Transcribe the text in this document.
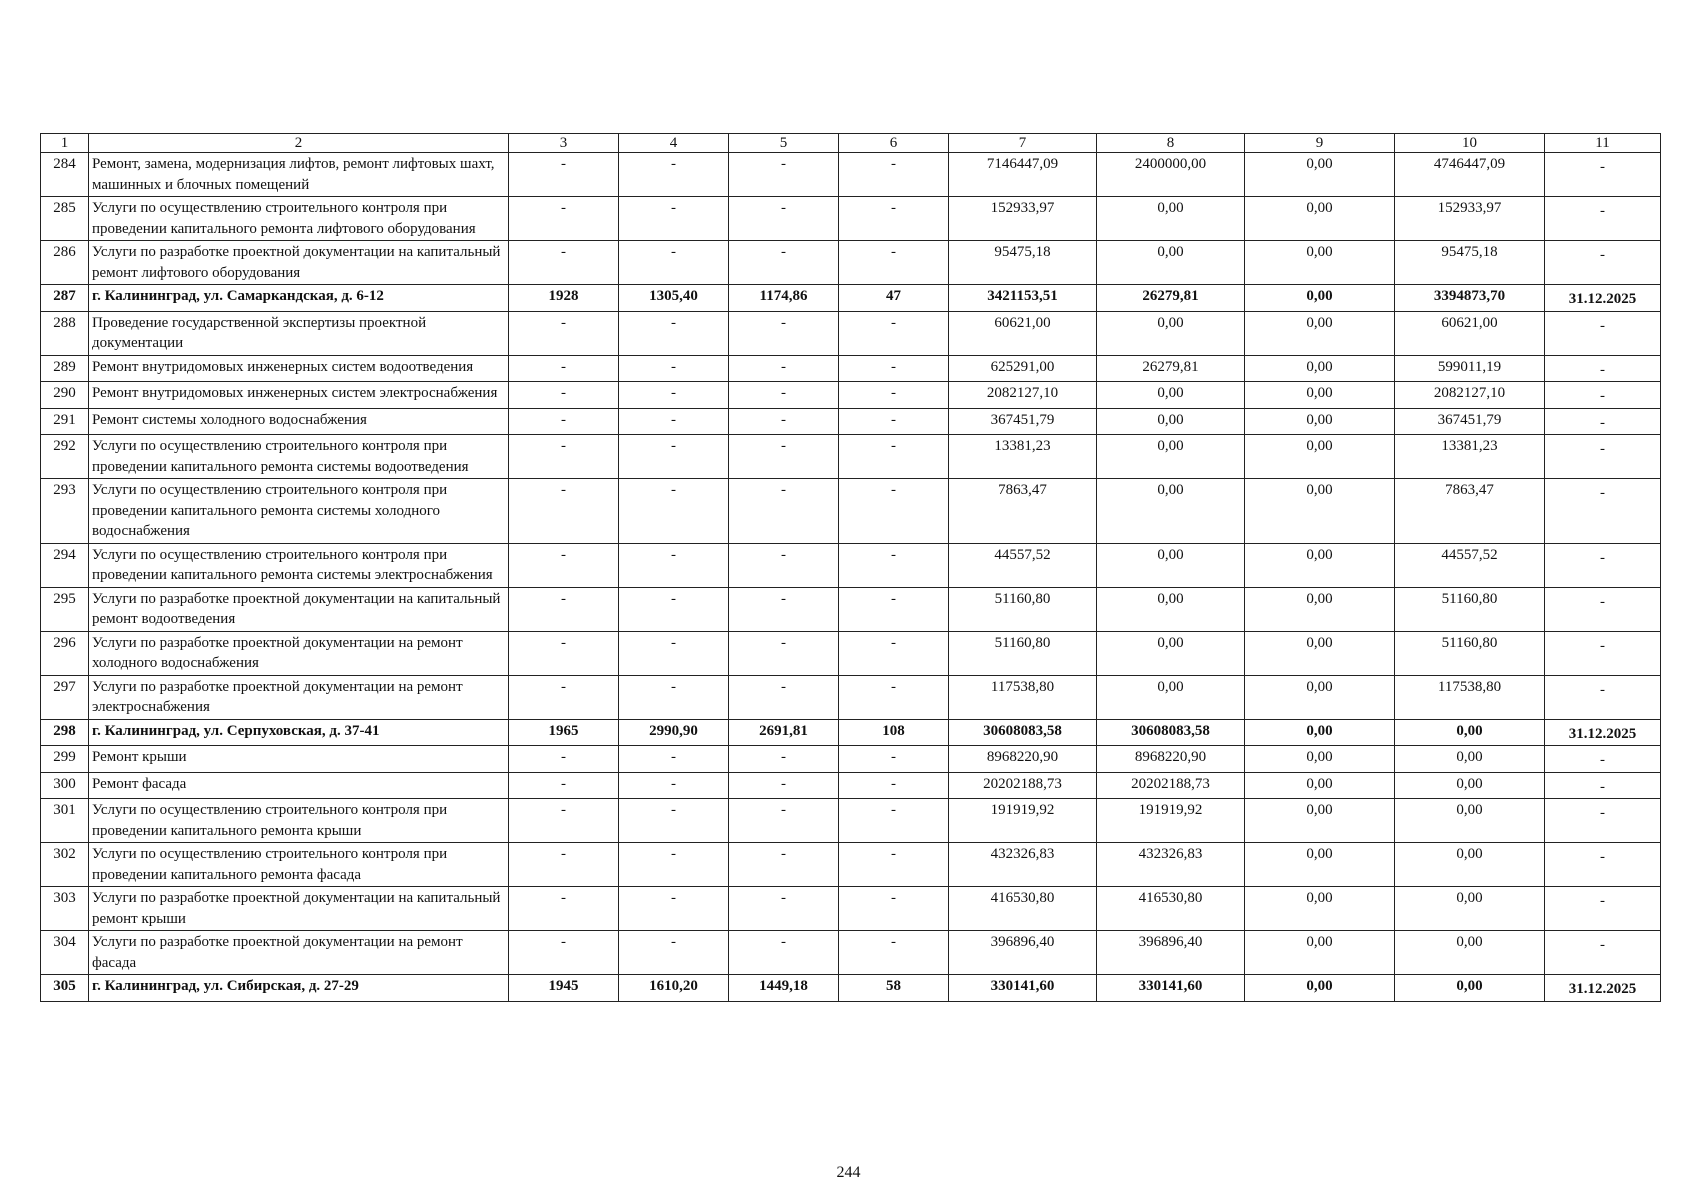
1	2	3	4	5	6	7	8	9	10	11
284	Ремонт, замена, модернизация лифтов, ремонт лифтовых шахт, машинных и блочных помещений	-	-	-	-	7146447,09	2400000,00	0,00	4746447,09	-
285	Услуги по осуществлению строительного контроля при проведении капитального ремонта лифтового оборудования	-	-	-	-	152933,97	0,00	0,00	152933,97	-
286	Услуги по разработке проектной документации на капитальный ремонт лифтового оборудования	-	-	-	-	95475,18	0,00	0,00	95475,18	-
287	г. Калининград, ул. Самаркандская, д. 6-12	1928	1305,40	1174,86	47	3421153,51	26279,81	0,00	3394873,70	31.12.2025
288	Проведение государственной экспертизы проектной документации	-	-	-	-	60621,00	0,00	0,00	60621,00	-
289	Ремонт внутридомовых инженерных систем водоотведения	-	-	-	-	625291,00	26279,81	0,00	599011,19	-
290	Ремонт внутридомовых инженерных систем электроснабжения	-	-	-	-	2082127,10	0,00	0,00	2082127,10	-
291	Ремонт системы холодного водоснабжения	-	-	-	-	367451,79	0,00	0,00	367451,79	-
292	Услуги по осуществлению строительного контроля при проведении капитального ремонта системы водоотведения	-	-	-	-	13381,23	0,00	0,00	13381,23	-
293	Услуги по осуществлению строительного контроля при проведении капитального ремонта системы холодного водоснабжения	-	-	-	-	7863,47	0,00	0,00	7863,47	-
294	Услуги по осуществлению строительного контроля при проведении капитального ремонта системы электроснабжения	-	-	-	-	44557,52	0,00	0,00	44557,52	-
295	Услуги по разработке проектной документации на капитальный ремонт водоотведения	-	-	-	-	51160,80	0,00	0,00	51160,80	-
296	Услуги по разработке проектной документации на ремонт холодного водоснабжения	-	-	-	-	51160,80	0,00	0,00	51160,80	-
297	Услуги по разработке проектной документации на ремонт электроснабжения	-	-	-	-	117538,80	0,00	0,00	117538,80	-
298	г. Калининград, ул. Серпуховская, д. 37-41	1965	2990,90	2691,81	108	30608083,58	30608083,58	0,00	0,00	31.12.2025
299	Ремонт крыши	-	-	-	-	8968220,90	8968220,90	0,00	0,00	-
300	Ремонт фасада	-	-	-	-	20202188,73	20202188,73	0,00	0,00	-
301	Услуги по осуществлению строительного контроля при проведении капитального ремонта крыши	-	-	-	-	191919,92	191919,92	0,00	0,00	-
302	Услуги по осуществлению строительного контроля при проведении капитального ремонта фасада	-	-	-	-	432326,83	432326,83	0,00	0,00	-
303	Услуги по разработке проектной документации на капитальный ремонт крыши	-	-	-	-	416530,80	416530,80	0,00	0,00	-
304	Услуги по разработке проектной документации на ремонт фасада	-	-	-	-	396896,40	396896,40	0,00	0,00	-
305	г. Калининград, ул. Сибирская, д. 27-29	1945	1610,20	1449,18	58	330141,60	330141,60	0,00	0,00	31.12.2025
244
